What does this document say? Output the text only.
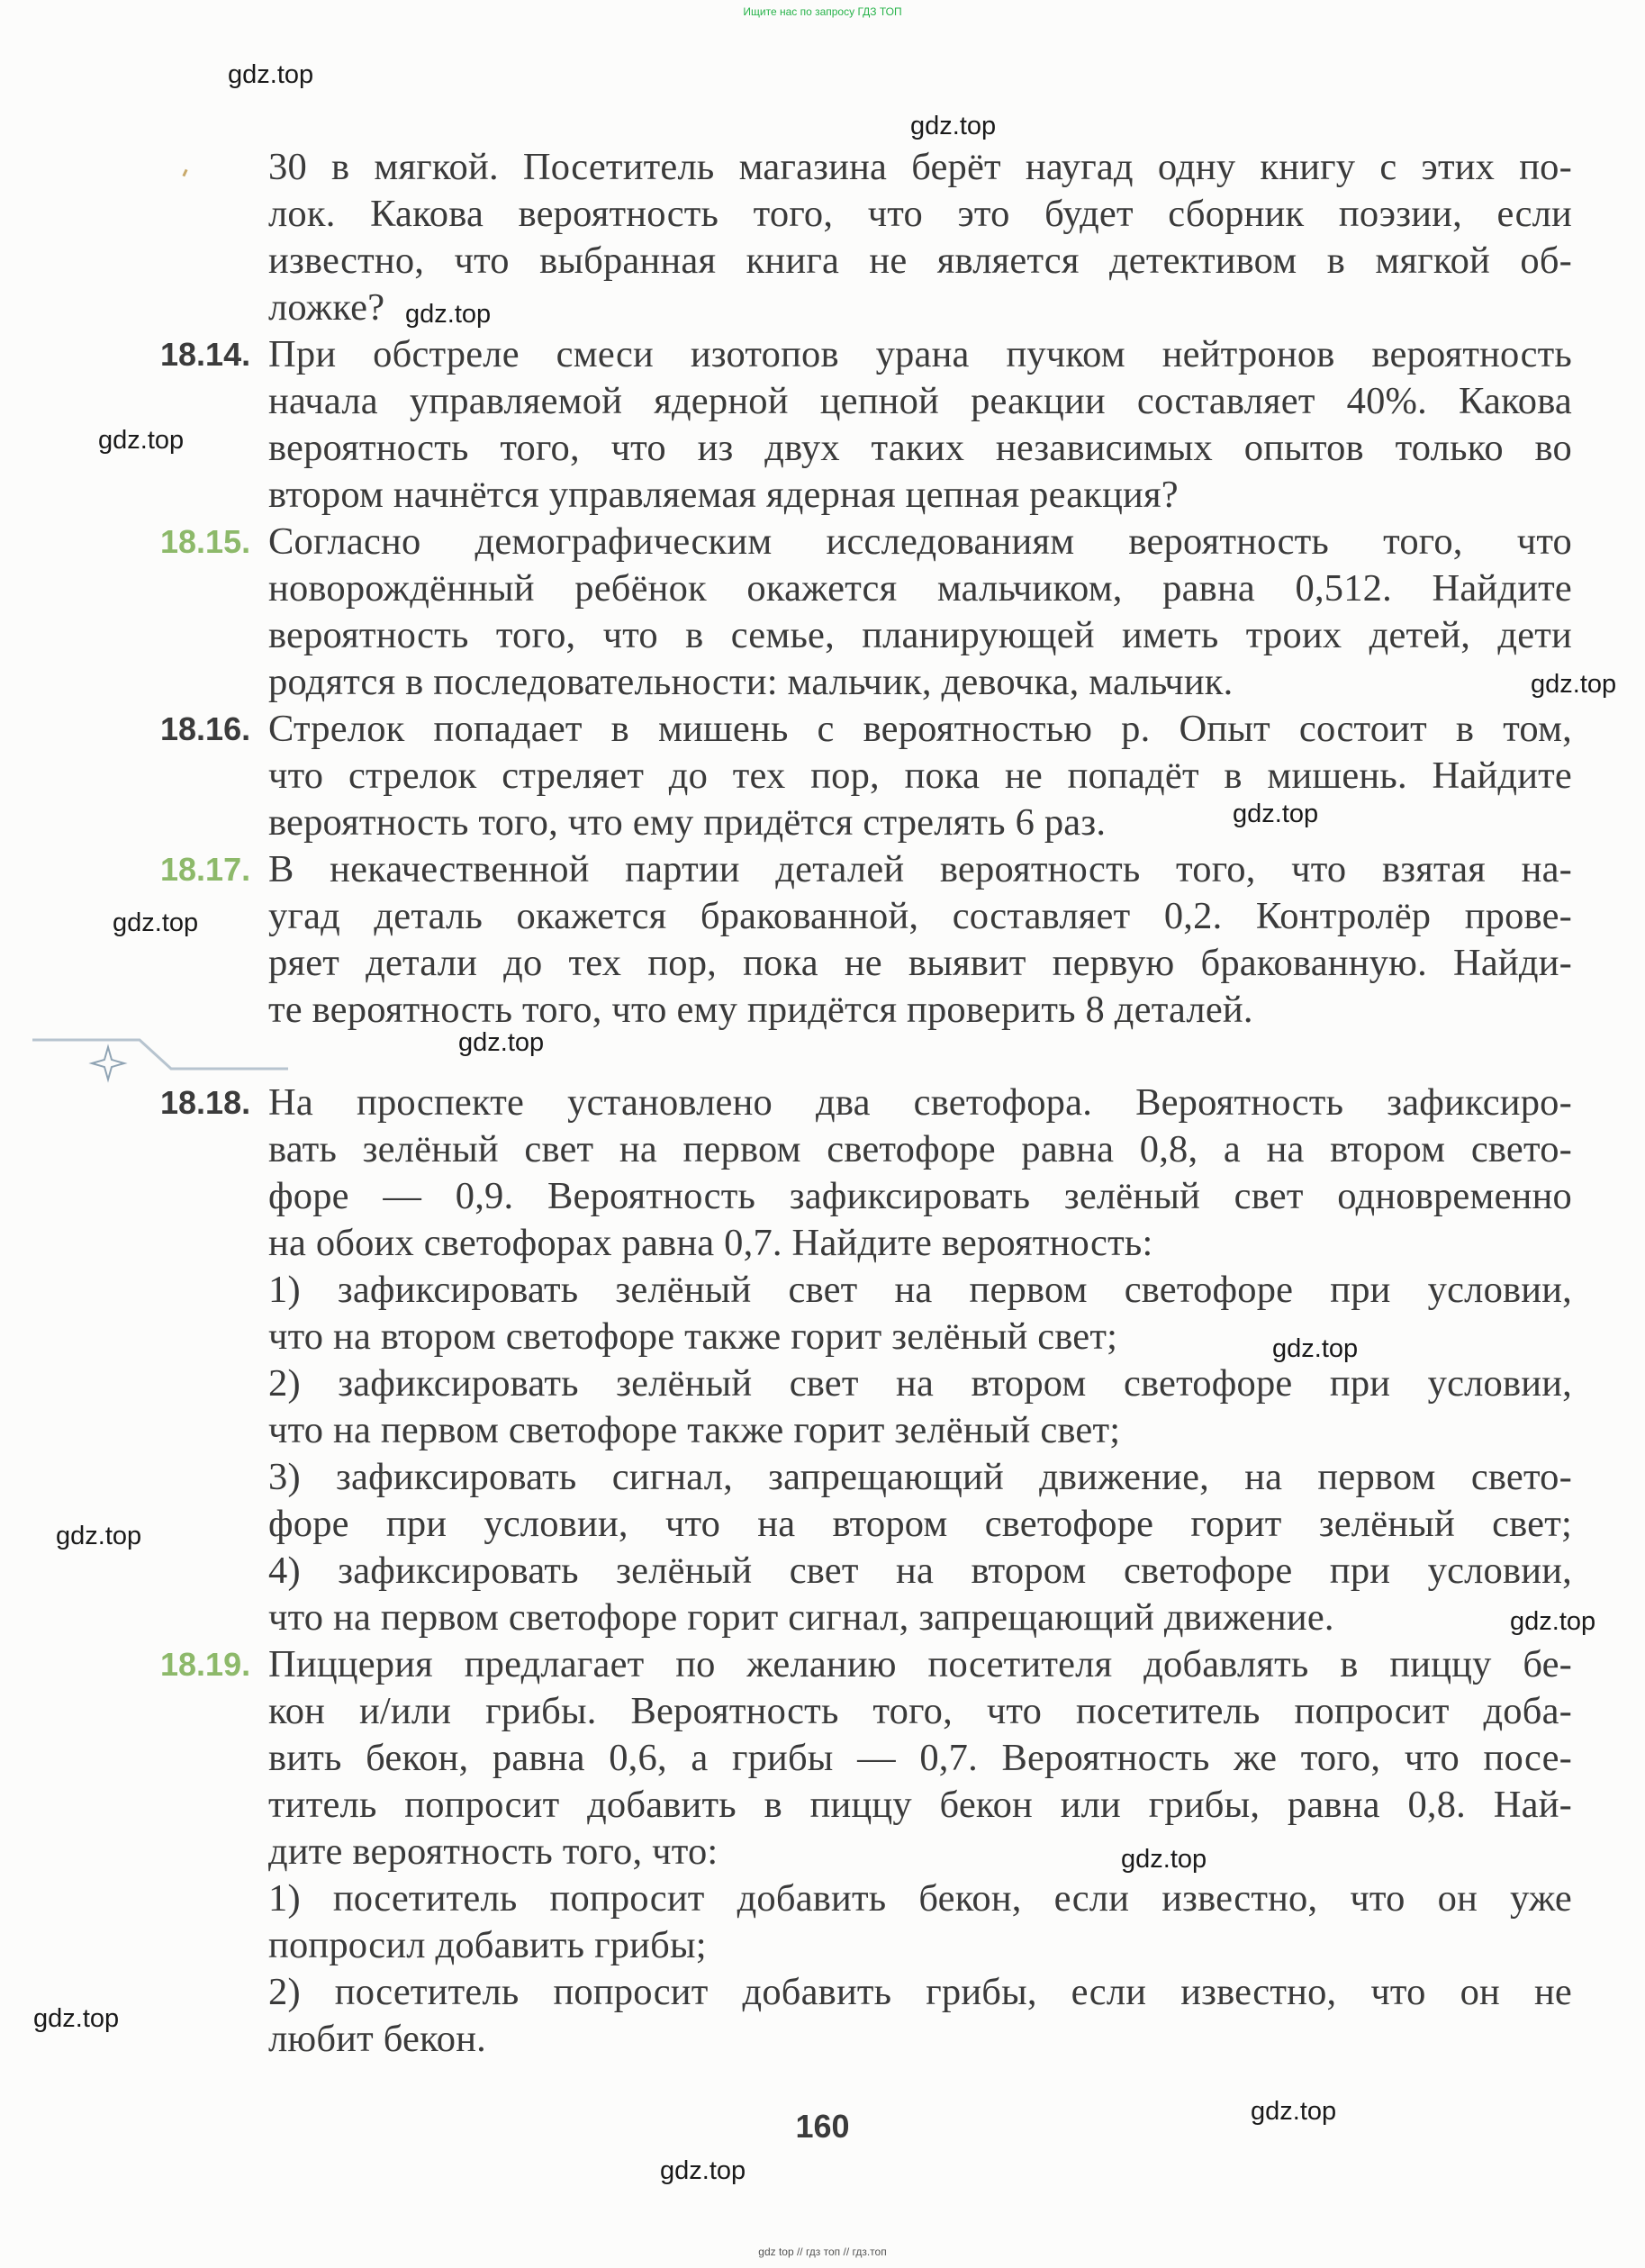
Ищите нас по запросу ГДЗ ТОП
gdz.top
gdz.top
gdz.top
gdz.top
gdz.top
gdz.top
gdz.top
gdz.top
gdz.top
gdz.top
gdz.top
gdz.top
gdz.top
gdz.top
gdz.top
30 в мягкой. Посетитель магазина берёт наугад одну книгу с этих по-
лок. Какова вероятность того, что это будет сборник поэзии, если
известно, что выбранная книга не является детективом в мягкой об-
ложке?
18.14. При обстреле смеси изотопов урана пучком нейтронов вероятность
начала управляемой ядерной цепной реакции составляет 40%. Какова
вероятность того, что из двух таких независимых опытов только во
втором начнётся управляемая ядерная цепная реакция?
18.15. Согласно демографическим исследованиям вероятность того, что
новорождённый ребёнок окажется мальчиком, равна 0,512. Найдите
вероятность того, что в семье, планирующей иметь троих детей, дети
родятся в последовательности: мальчик, девочка, мальчик.
18.16. Стрелок попадает в мишень с вероятностью p. Опыт состоит в том,
что стрелок стреляет до тех пор, пока не попадёт в мишень. Найдите
вероятность того, что ему придётся стрелять 6 раз.
18.17. В некачественной партии деталей вероятность того, что взятая на-
угад деталь окажется бракованной, составляет 0,2. Контролёр прове-
ряет детали до тех пор, пока не выявит первую бракованную. Найди-
те вероятность того, что ему придётся проверить 8 деталей.
18.18. На проспекте установлено два светофора. Вероятность зафиксиро-
вать зелёный свет на первом светофоре равна 0,8, а на втором свето-
форе — 0,9. Вероятность зафиксировать зелёный свет одновременно
на обоих светофорах равна 0,7. Найдите вероятность:
1) зафиксировать зелёный свет на первом светофоре при условии,
что на втором светофоре также горит зелёный свет;
2) зафиксировать зелёный свет на втором светофоре при условии,
что на первом светофоре также горит зелёный свет;
3) зафиксировать сигнал, запрещающий движение, на первом свето-
форе при условии, что на втором светофоре горит зелёный свет;
4) зафиксировать зелёный свет на втором светофоре при условии,
что на первом светофоре горит сигнал, запрещающий движение.
18.19. Пиццерия предлагает по желанию посетителя добавлять в пиццу бе-
кон и/или грибы. Вероятность того, что посетитель попросит доба-
вить бекон, равна 0,6, а грибы — 0,7. Вероятность же того, что посе-
титель попросит добавить в пиццу бекон или грибы, равна 0,8. Най-
дите вероятность того, что:
1) посетитель попросит добавить бекон, если известно, что он уже
попросил добавить грибы;
2) посетитель попросит добавить грибы, если известно, что он не
любит бекон.
160
gdz top // гдз топ // гдз.топ
